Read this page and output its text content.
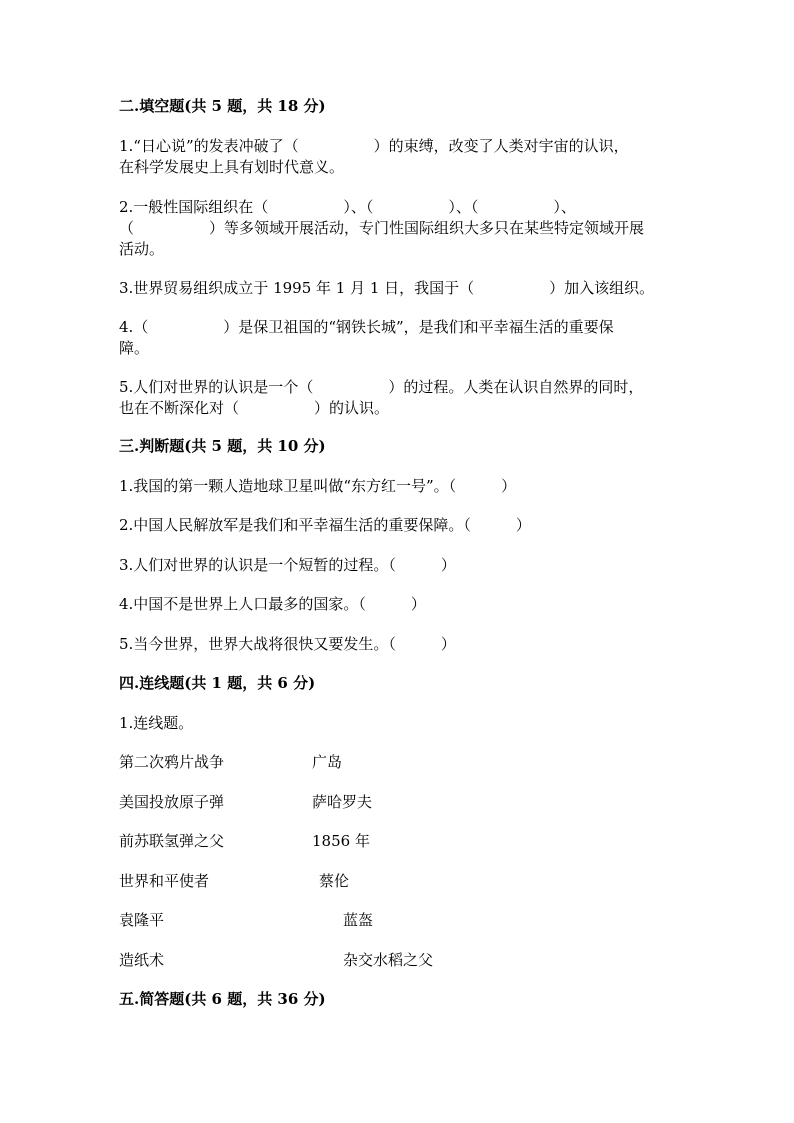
二.填空题(共 5 题，共 18 分)
1.“日心说”的发表冲破了（　　　　　）的束缚，改变了人类对宇宙的认识，
在科学发展史上具有划时代意义。
2.一般性国际组织在（　　　　　）、（　　　　　）、（　　　　　）、
（　　　　　）等多领域开展活动，专门性国际组织大多只在某些特定领域开展
活动。
3.世界贸易组织成立于 1995 年 1 月 1 日，我国于（　　　　　）加入该组织。
4.（　　　　　）是保卫祖国的“钢铁长城”，是我们和平幸福生活的重要保
障。
5.人们对世界的认识是一个（　　　　　）的过程。人类在认识自然界的同时，
也在不断深化对（　　　　　）的认识。
三.判断题(共 5 题，共 10 分)
1.我国的第一颗人造地球卫星叫做“东方红一号”。（　　　）
2.中国人民解放军是我们和平幸福生活的重要保障。（　　　）
3.人们对世界的认识是一个短暂的过程。（　　　）
4.中国不是世界上人口最多的国家。（　　　）
5.当今世界，世界大战将很快又要发生。（　　　）
四.连线题(共 1 题，共 6 分)
1.连线题。
第二次鸦片战争	广岛
美国投放原子弹	萨哈罗夫
前苏联氢弹之父	1856 年
世界和平使者	蔡伦
袁隆平	蓝盔
造纸术	杂交水稻之父
五.简答题(共 6 题，共 36 分)
